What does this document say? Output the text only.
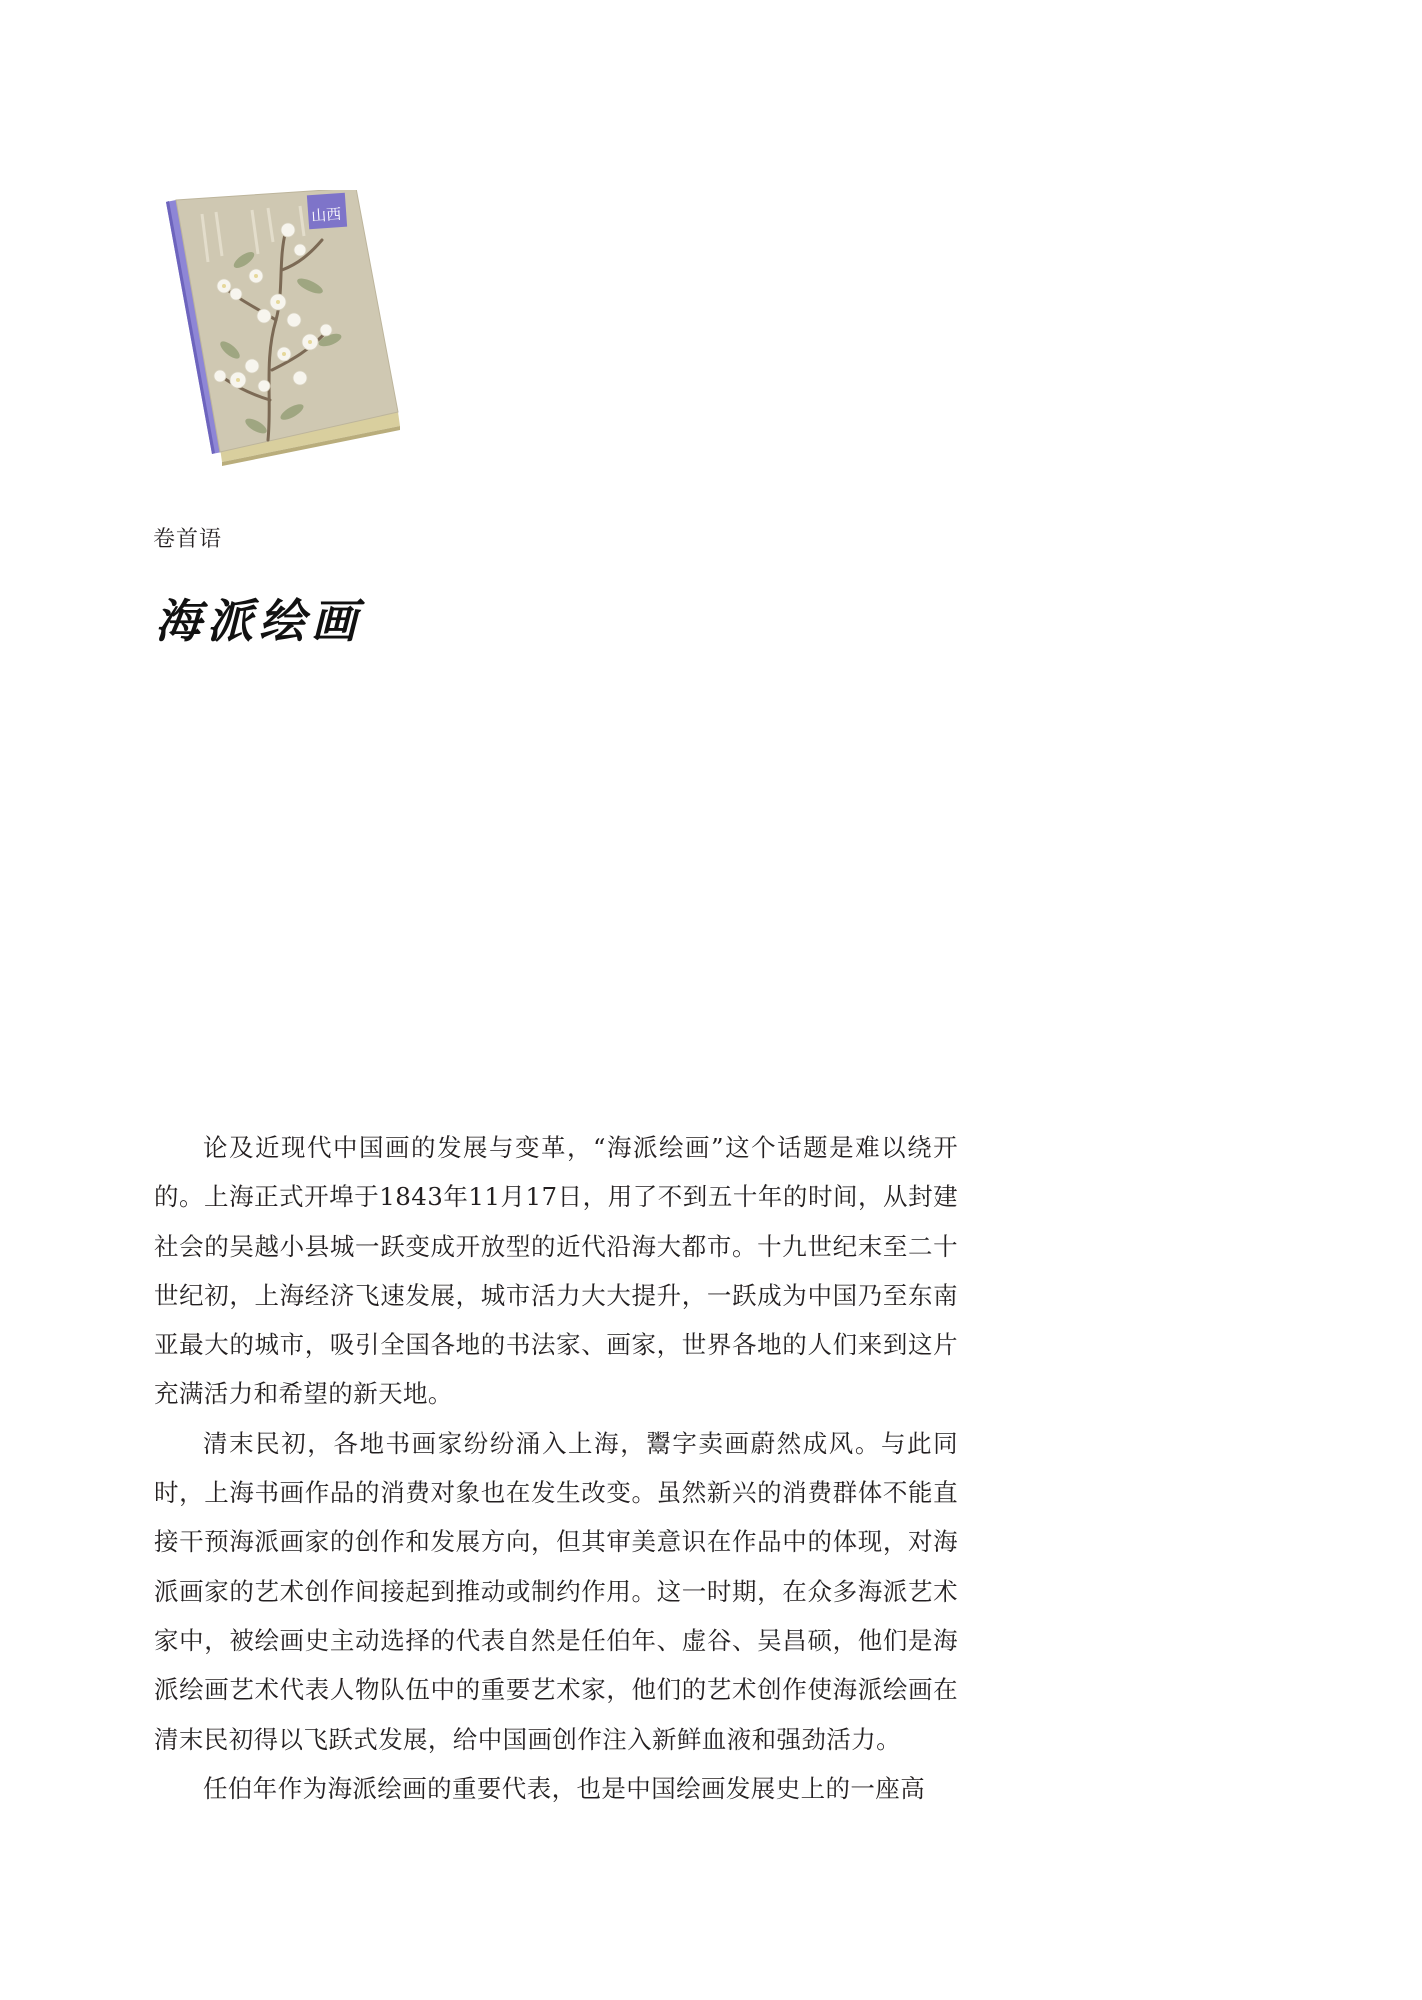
山西
卷首语
海派绘画

论及近现代中国画的发展与变革，“海派绘画”这个话题是难以绕开的。上海正式开埠于1843年11月17日，用了不到五十年的时间，从封建社会的吴越小县城一跃变成开放型的近代沿海大都市。十九世纪末至二十世纪初，上海经济飞速发展，城市活力大大提升，一跃成为中国乃至东南亚最大的城市，吸引全国各地的书法家、画家，世界各地的人们来到这片充满活力和希望的新天地。

清末民初，各地书画家纷纷涌入上海，鬻字卖画蔚然成风。与此同时，上海书画作品的消费对象也在发生改变。虽然新兴的消费群体不能直接干预海派画家的创作和发展方向，但其审美意识在作品中的体现，对海派画家的艺术创作间接起到推动或制约作用。这一时期，在众多海派艺术家中，被绘画史主动选择的代表自然是任伯年、虚谷、吴昌硕，他们是海派绘画艺术代表人物队伍中的重要艺术家，他们的艺术创作使海派绘画在清末民初得以飞跃式发展，给中国画创作注入新鲜血液和强劲活力。

任伯年作为海派绘画的重要代表，也是中国绘画发展史上的一座高
